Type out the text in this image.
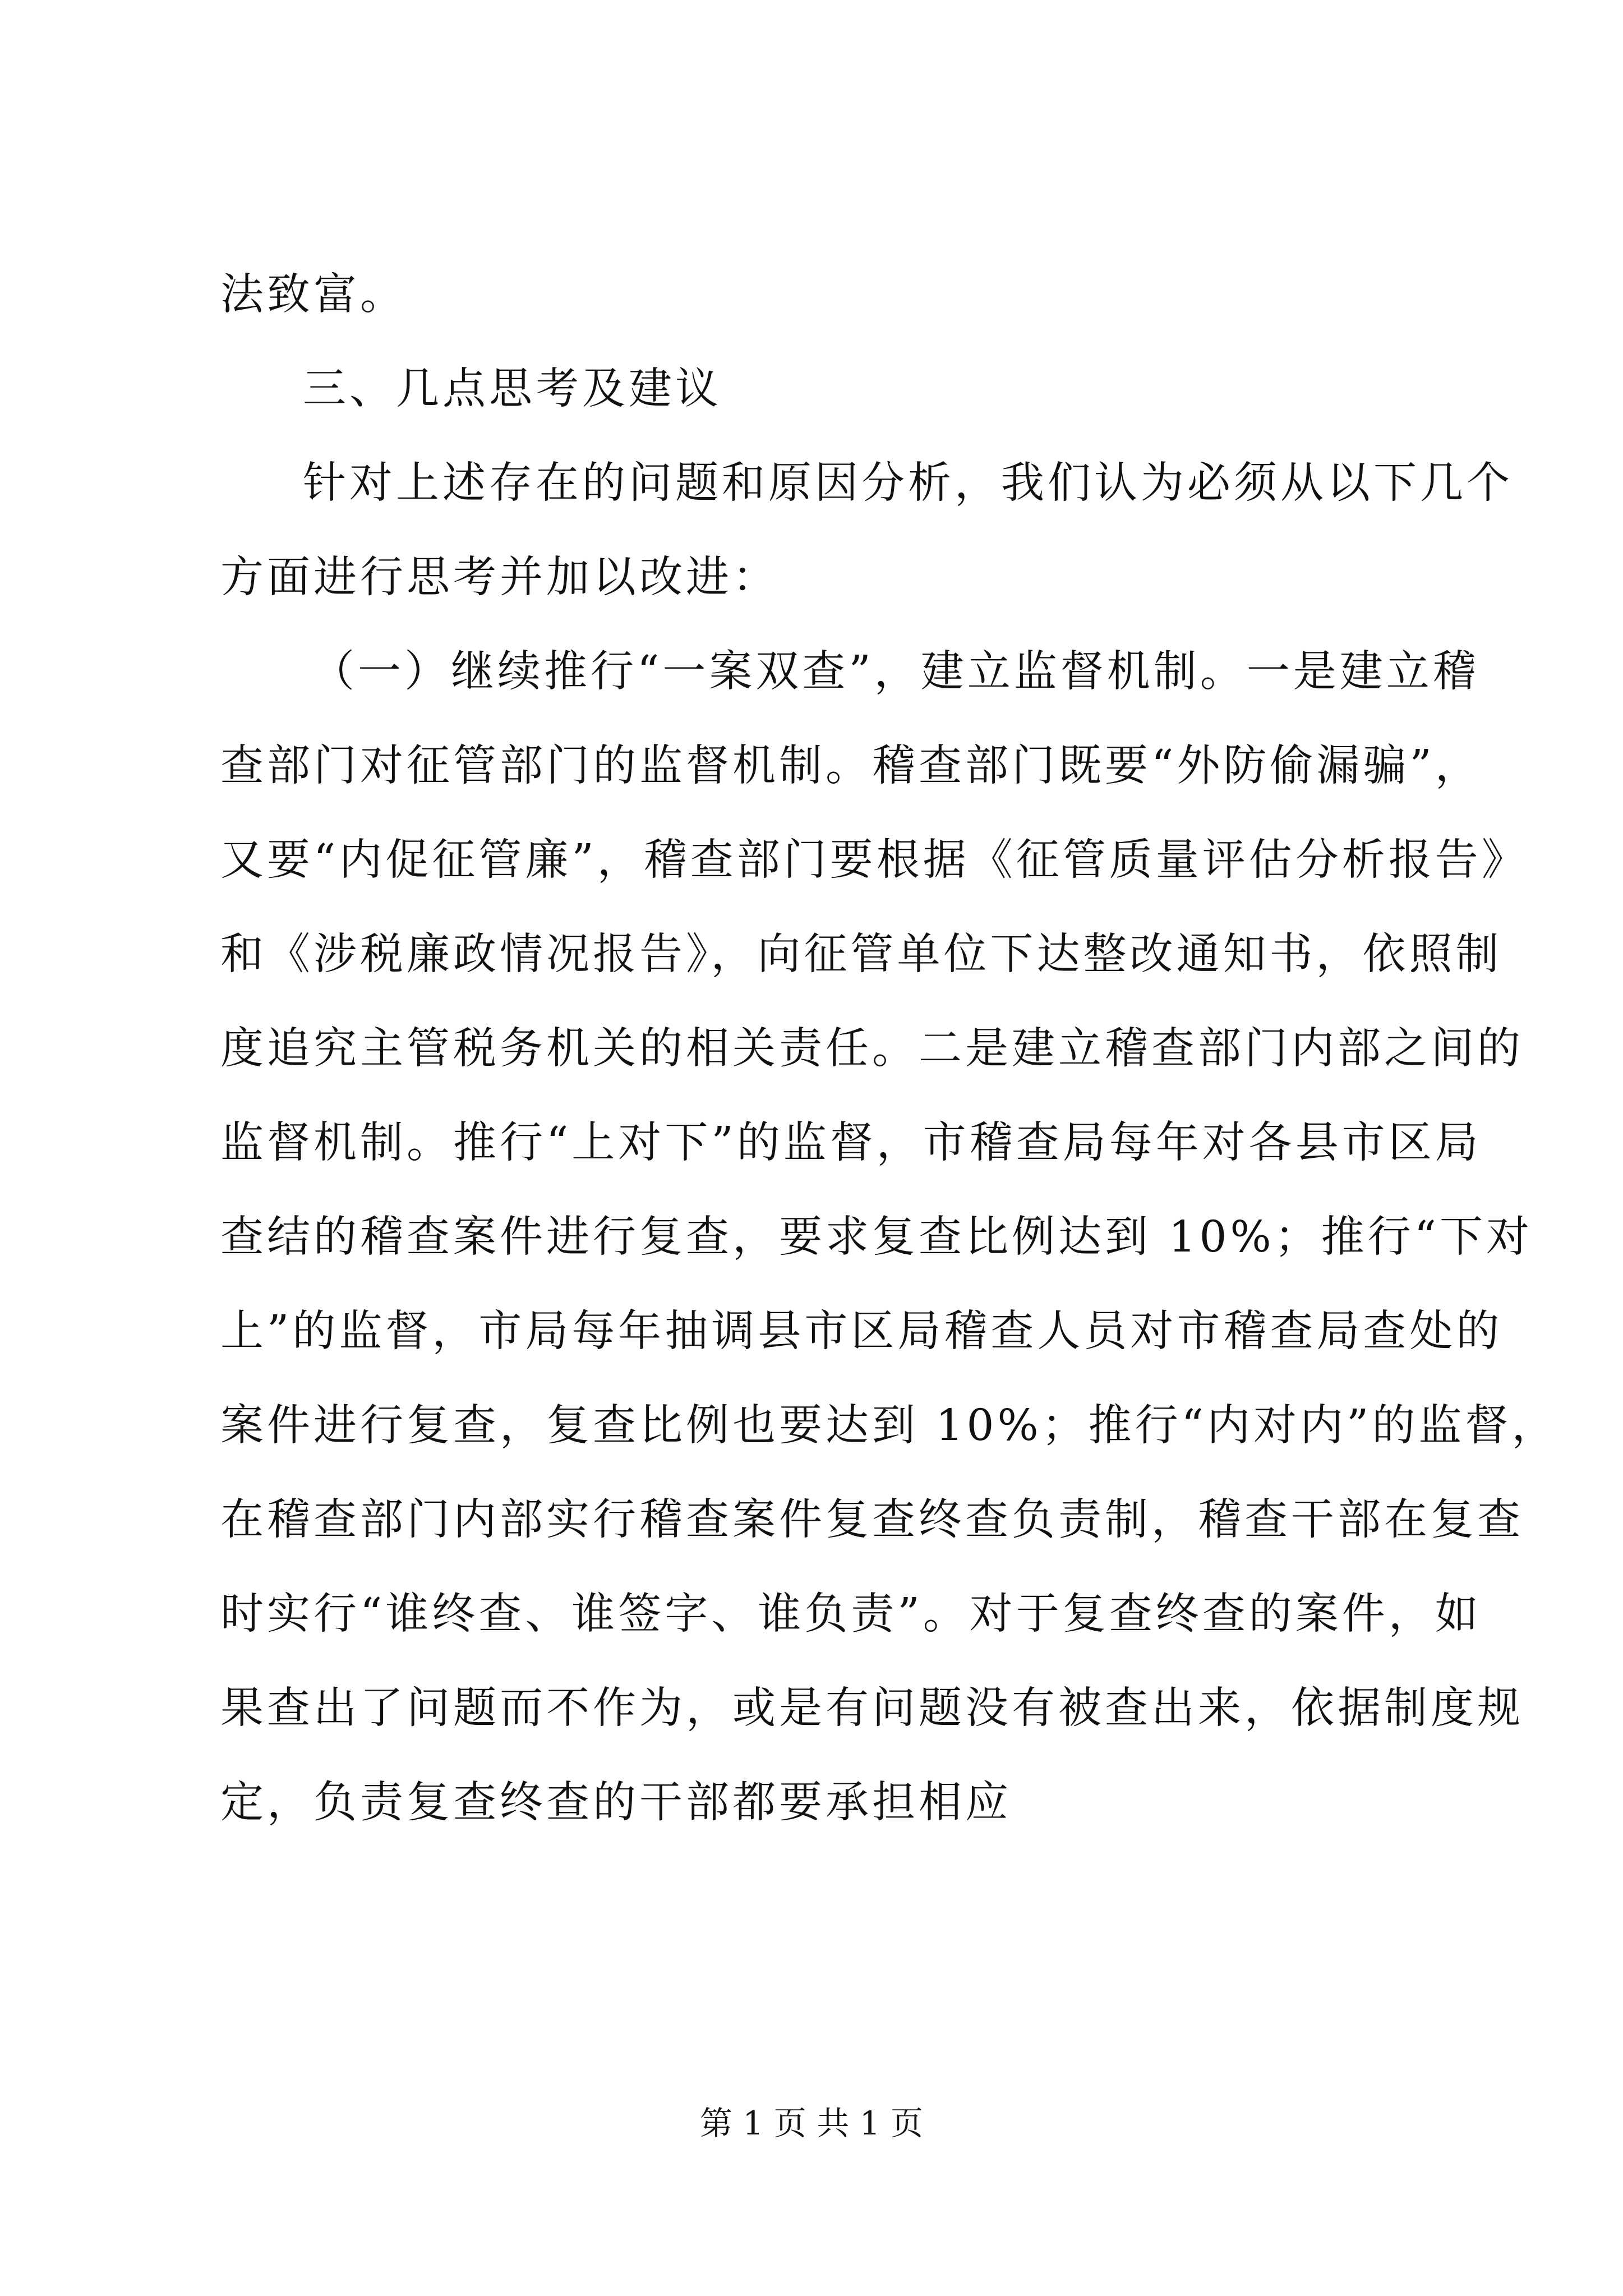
法致富。
三、几点思考及建议
针对上述存在的问题和原因分析，我们认为必须从以下几个
方面进行思考并加以改进：
（一）继续推行“一案双查”，建立监督机制。一是建立稽
查部门对征管部门的监督机制。稽查部门既要“外防偷漏骗”，
又要“内促征管廉”，稽查部门要根据《征管质量评估分析报告》
和《涉税廉政情况报告》，向征管单位下达整改通知书，依照制
度追究主管税务机关的相关责任。二是建立稽查部门内部之间的
监督机制。推行“上对下”的监督，市稽查局每年对各县市区局
查结的稽查案件进行复查，要求复查比例达到 10%；推行“下对
上”的监督，市局每年抽调县市区局稽查人员对市稽查局查处的
案件进行复查，复查比例也要达到 10%；推行“内对内”的监督，
在稽查部门内部实行稽查案件复查终查负责制，稽查干部在复查
时实行“谁终查、谁签字、谁负责”。对于复查终查的案件，如
果查出了问题而不作为，或是有问题没有被查出来，依据制度规
定，负责复查终查的干部都要承担相应
第 1 页 共 1 页
